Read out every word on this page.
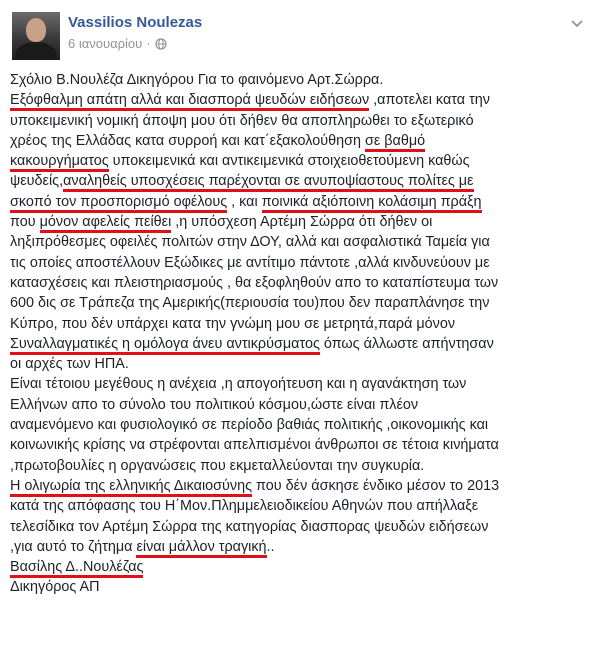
Vassilios Noulezas
6 ιανουαρίου ·
Σχόλιο Β.Νουλέζα Δικηγόρου Για το φαινόμενο Αρτ.Σώρρα.
Εξόφθαλμη απάτη αλλά και διασπορά ψευδών ειδήσεων ,αποτελει κατα την
υποκειμενική νομική άποψη μου ότι δήθεν θα αποπληρωθει το εξωτερικό
χρέος της Ελλάδας κατα συρροή και κατ΄εξακολούθηση σε βαθμό
κακουργήματος υποκειμενικά και αντικειμενικά στοιχειοθετούμενη καθώς
ψευδείς,αναληθείς υποσχέσεις παρέχονται σε ανυποψίαστους πολίτες με
σκοπό τον προσπορισμό οφέλους , και ποινικά αξιόποινη κολάσιμη πράξη
που μόνον αφελείς πείθει ,η υπόσχεση Αρτέμη Σώρρα ότι δήθεν οι
ληξιπρόθεσμες οφειλές πολιτών στην ΔΟΥ, αλλά και ασφαλιστικά Ταμεία για
τις οποίες αποστέλλουν Εξώδικες με αντίτιμο πάντοτε ,αλλά κινδυνεύουν με
κατασχέσεις και πλειστηριασμούς , θα εξοφληθούν απο το καταπίστευμα των
600 δις σε Τράπεζα της Αμερικής(περιουσία του)που δεν παραπλάνησε την
Κύπρο, που δέν υπάρχει κατα την γνώμη μου σε μετρητά,παρά μόνον
Συναλλαγματικές η ομόλογα άνευ αντικρύσματος όπως άλλωστε απήντησαν
οι αρχές των ΗΠΑ.
Είναι τέτοιου μεγέθους η ανέχεια ,η απογοήτευση και η αγανάκτηση των
Ελλήνων απο το σύνολο του πολιτικού κόσμου,ώστε είναι πλέον
αναμενόμενο και φυσιολογικό σε περίοδο βαθιάς πολιτικής ,οικονομικής και
κοινωνικής κρίσης να στρέφονται απελπισμένοι άνθρωποι σε τέτοια κινήματα
,πρωτοβουλίες η οργανώσεις που εκμεταλλεύονται την συγκυρία.
Η ολιγωρία της ελληνικής Δικαιοσύνης που δέν άσκησε ένδικο μέσον το 2013
κατά της απόφασης του Η΄Μον.Πλημμελειοδικείου Αθηνών που απήλλαξε
τελεσίδικα τον Αρτέμη Σώρρα της κατηγορίας διασπορας ψευδών ειδήσεων
,για αυτό το ζήτημα είναι μάλλον τραγική..
Βασίλης Δ..Νουλέζας
Δικηγόρος ΑΠ
